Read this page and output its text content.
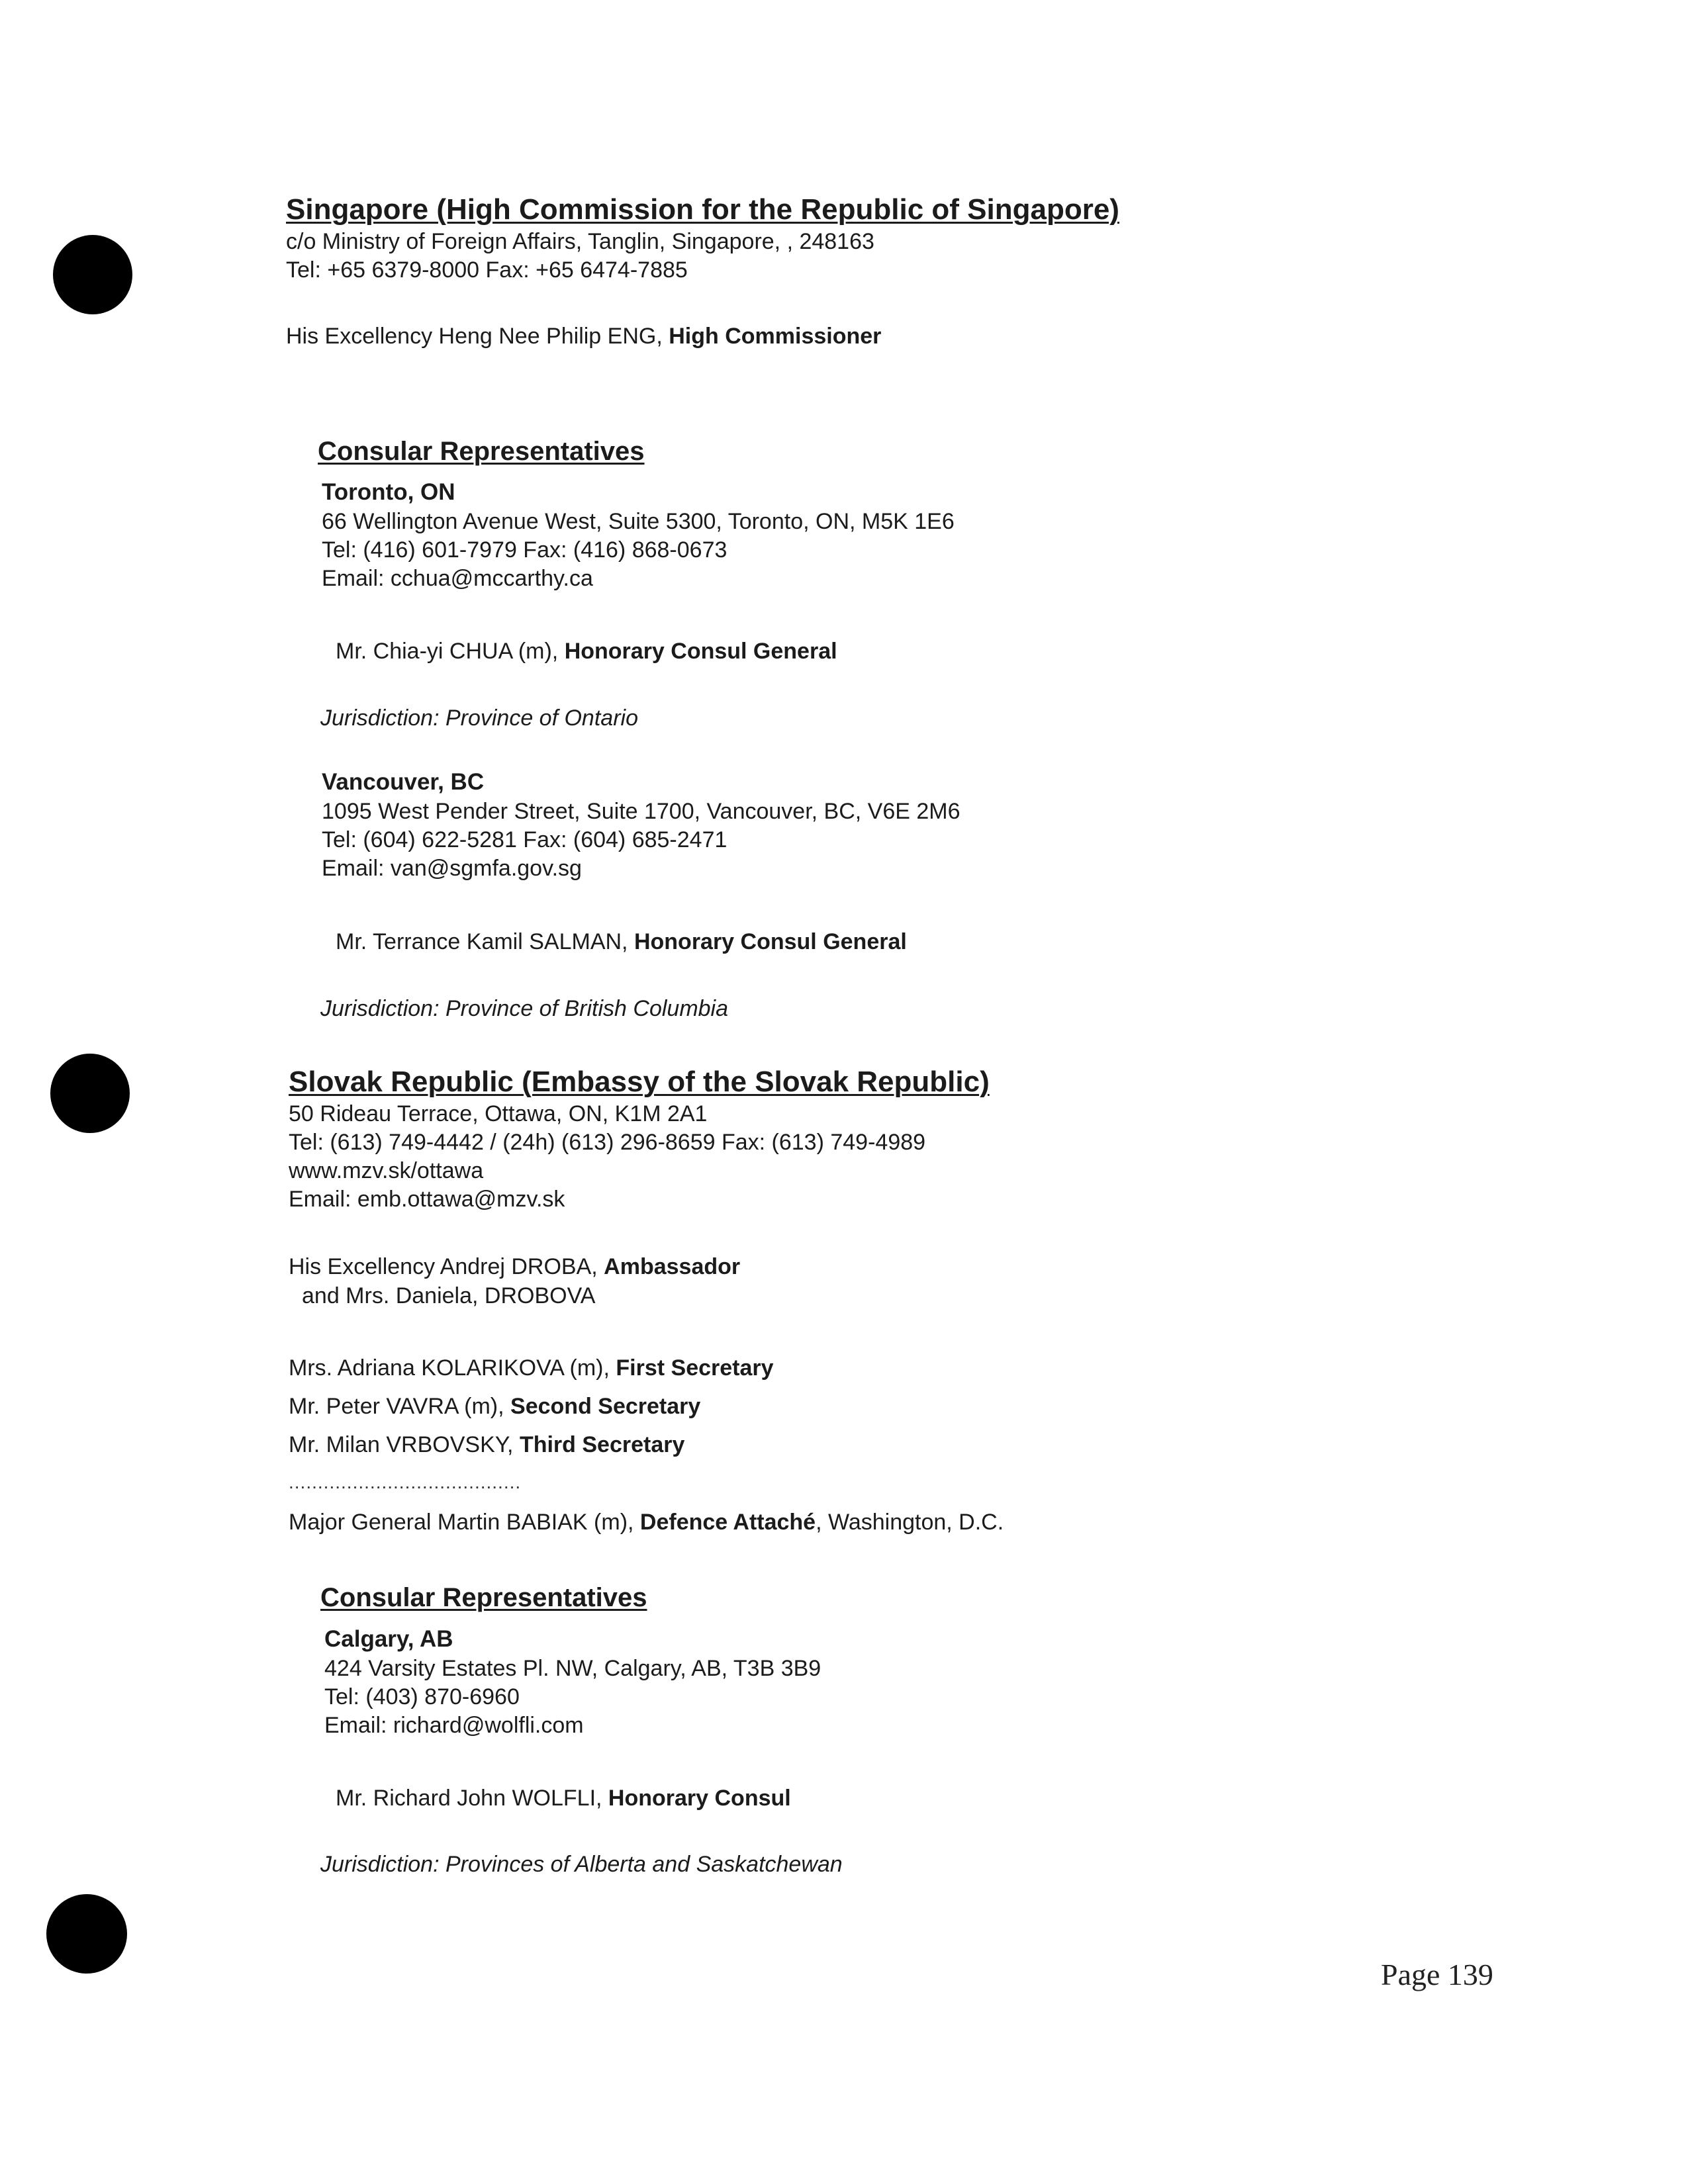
Singapore (High Commission for the Republic of Singapore)
c/o Ministry of Foreign Affairs, Tanglin, Singapore, , 248163
Tel: +65 6379-8000 Fax: +65 6474-7885
His Excellency Heng Nee Philip ENG, High Commissioner
Consular Representatives
Toronto, ON
66 Wellington Avenue West, Suite 5300, Toronto, ON, M5K 1E6
Tel: (416) 601-7979 Fax: (416) 868-0673
Email: cchua@mccarthy.ca
Mr. Chia-yi CHUA (m), Honorary Consul General
Jurisdiction: Province of Ontario
Vancouver, BC
1095 West Pender Street, Suite 1700, Vancouver, BC, V6E 2M6
Tel: (604) 622-5281 Fax: (604) 685-2471
Email: van@sgmfa.gov.sg
Mr. Terrance Kamil SALMAN, Honorary Consul General
Jurisdiction: Province of British Columbia
Slovak Republic (Embassy of the Slovak Republic)
50 Rideau Terrace, Ottawa, ON, K1M 2A1
Tel: (613) 749-4442 / (24h) (613) 296-8659 Fax: (613) 749-4989
www.mzv.sk/ottawa
Email: emb.ottawa@mzv.sk
His Excellency Andrej DROBA, Ambassador
and Mrs. Daniela, DROBOVA
Mrs. Adriana KOLARIKOVA (m), First Secretary
Mr. Peter VAVRA (m), Second Secretary
Mr. Milan VRBOVSKY, Third Secretary
........................................
Major General Martin BABIAK (m), Defence Attaché, Washington, D.C.
Consular Representatives
Calgary, AB
424 Varsity Estates Pl. NW, Calgary, AB, T3B 3B9
Tel: (403) 870-6960
Email: richard@wolfli.com
Mr. Richard John WOLFLI, Honorary Consul
Jurisdiction: Provinces of Alberta and Saskatchewan
Page 139
